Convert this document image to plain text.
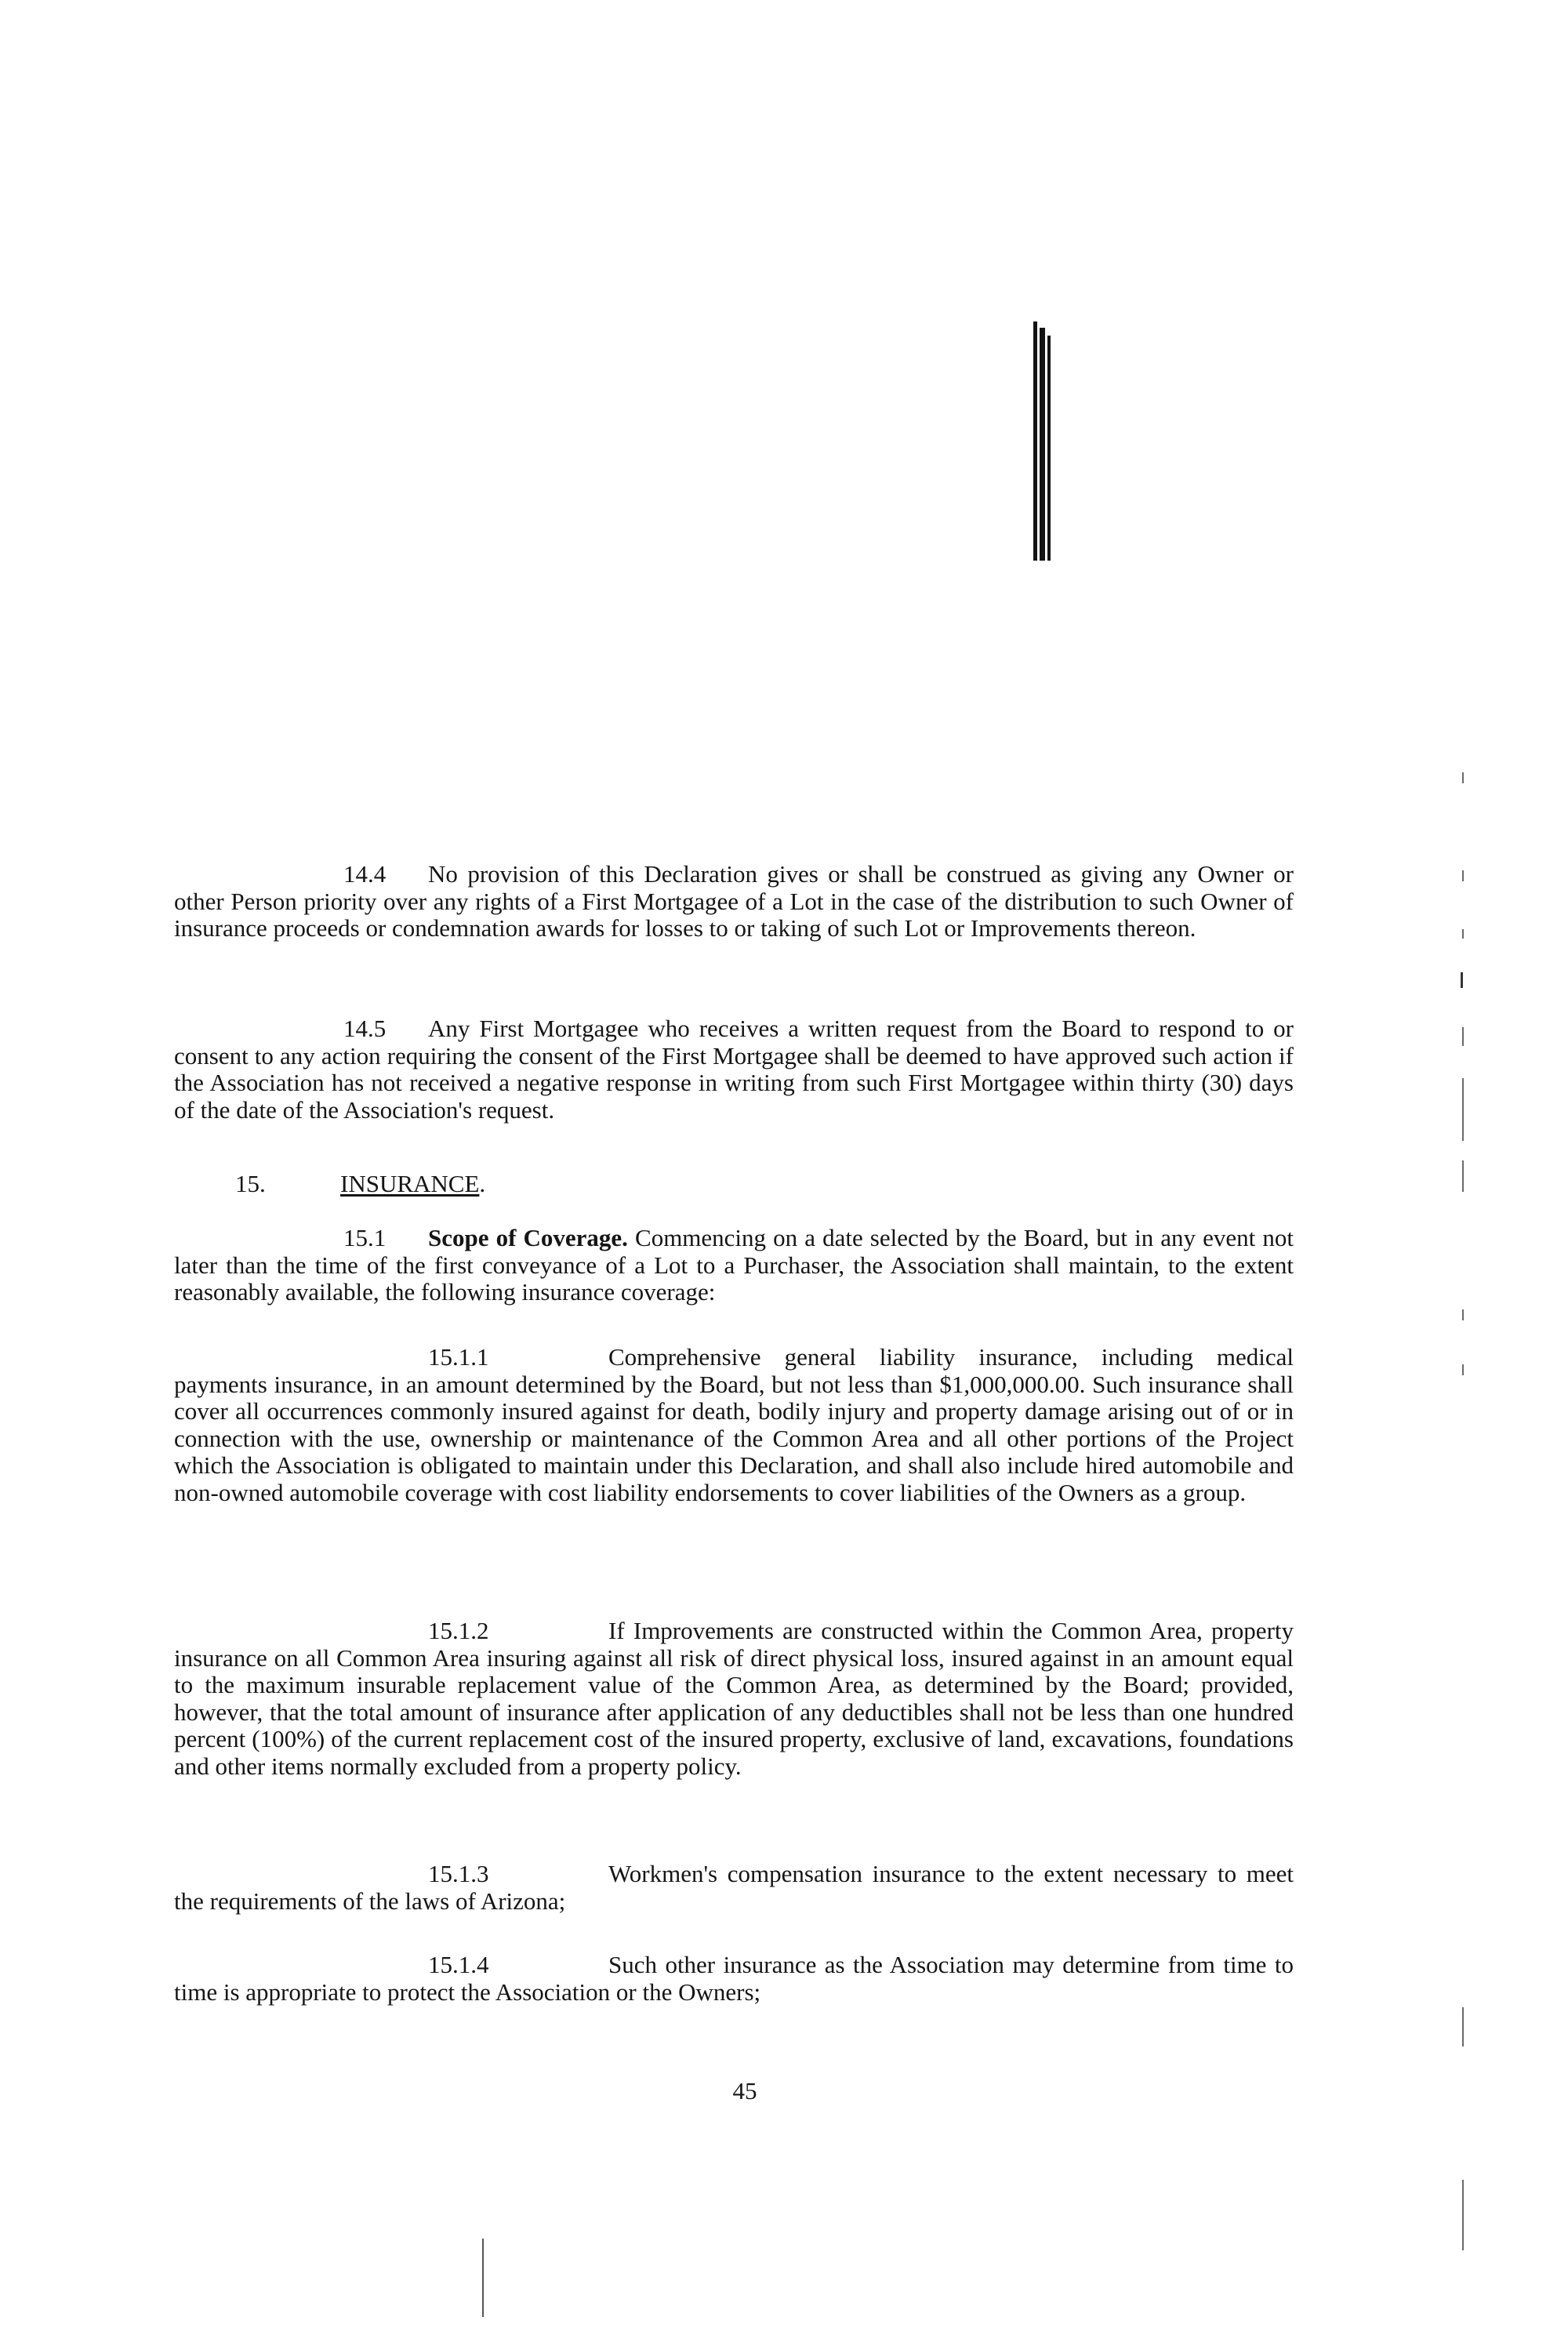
14.4 No provision of this Declaration gives or shall be construed as giving any Owner or other Person priority over any rights of a First Mortgagee of a Lot in the case of the distribution to such Owner of insurance proceeds or condemnation awards for losses to or taking of such Lot or Improvements thereon.

14.5 Any First Mortgagee who receives a written request from the Board to respond to or consent to any action requiring the consent of the First Mortgagee shall be deemed to have approved such action if the Association has not received a negative response in writing from such First Mortgagee within thirty (30) days of the date of the Association's request.

15.	INSURANCE.

15.1 Scope of Coverage. Commencing on a date selected by the Board, but in any event not later than the time of the first conveyance of a Lot to a Purchaser, the Association shall maintain, to the extent reasonably available, the following insurance coverage:

15.1.1	Comprehensive general liability insurance, including medical payments insurance, in an amount determined by the Board, but not less than $1,000,000.00. Such insurance shall cover all occurrences commonly insured against for death, bodily injury and property damage arising out of or in connection with the use, ownership or maintenance of the Common Area and all other portions of the Project which the Association is obligated to maintain under this Declaration, and shall also include hired automobile and non-owned automobile coverage with cost liability endorsements to cover liabilities of the Owners as a group.

15.1.2	If Improvements are constructed within the Common Area, property insurance on all Common Area insuring against all risk of direct physical loss, insured against in an amount equal to the maximum insurable replacement value of the Common Area, as determined by the Board; provided, however, that the total amount of insurance after application of any deductibles shall not be less than one hundred percent (100%) of the current replacement cost of the insured property, exclusive of land, excavations, foundations and other items normally excluded from a property policy.

15.1.3	Workmen's compensation insurance to the extent necessary to meet the requirements of the laws of Arizona;

15.1.4	Such other insurance as the Association may determine from time to time is appropriate to protect the Association or the Owners;

45
